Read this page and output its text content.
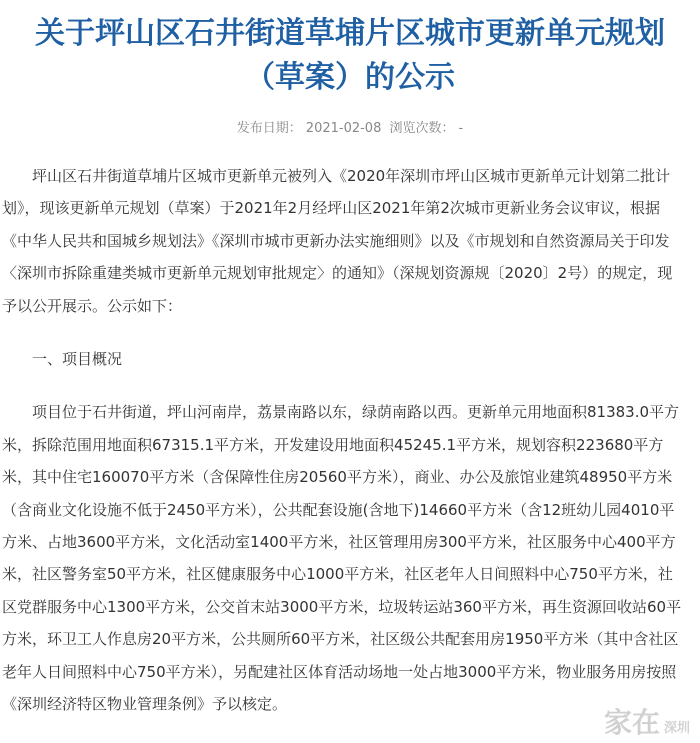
关于坪山区石井街道草埔片区城市更新单元规划
（草案）的公示
发布日期： 2021-02-08 浏览次数： -

坪山区石井街道草埔片区城市更新单元被列入《2020年深圳市坪山区城市更新单元计划第二批计划》，现该更新单元规划（草案）于2021年2月经坪山区2021年第2次城市更新业务会议审议，根据《中华人民共和国城乡规划法》《深圳市城市更新办法实施细则》以及《市规划和自然资源局关于印发〈深圳市拆除重建类城市更新单元规划审批规定〉的通知》（深规划资源规〔2020〕2号）的规定，现予以公开展示。公示如下：

一、项目概况

项目位于石井街道，坪山河南岸，荔景南路以东，绿荫南路以西。更新单元用地面积81383.0平方米，拆除范围用地面积67315.1平方米，开发建设用地面积45245.1平方米，规划容积223680平方米，其中住宅160070平方米（含保障性住房20560平方米），商业、办公及旅馆业建筑48950平方米（含商业文化设施不低于2450平方米），公共配套设施(含地下)14660平方米（含12班幼儿园4010平方米、占地3600平方米，文化活动室1400平方米，社区管理用房300平方米，社区服务中心400平方米，社区警务室50平方米，社区健康服务中心1000平方米，社区老年人日间照料中心750平方米，社区党群服务中心1300平方米，公交首末站3000平方米，垃圾转运站360平方米，再生资源回收站60平方米，环卫工人作息房20平方米，公共厕所60平方米，社区级公共配套用房1950平方米（其中含社区老年人日间照料中心750平方米），另配建社区体育活动场地一处占地3000平方米，物业服务用房按照《深圳经济特区物业管理条例》予以核定。

家在 深圳
